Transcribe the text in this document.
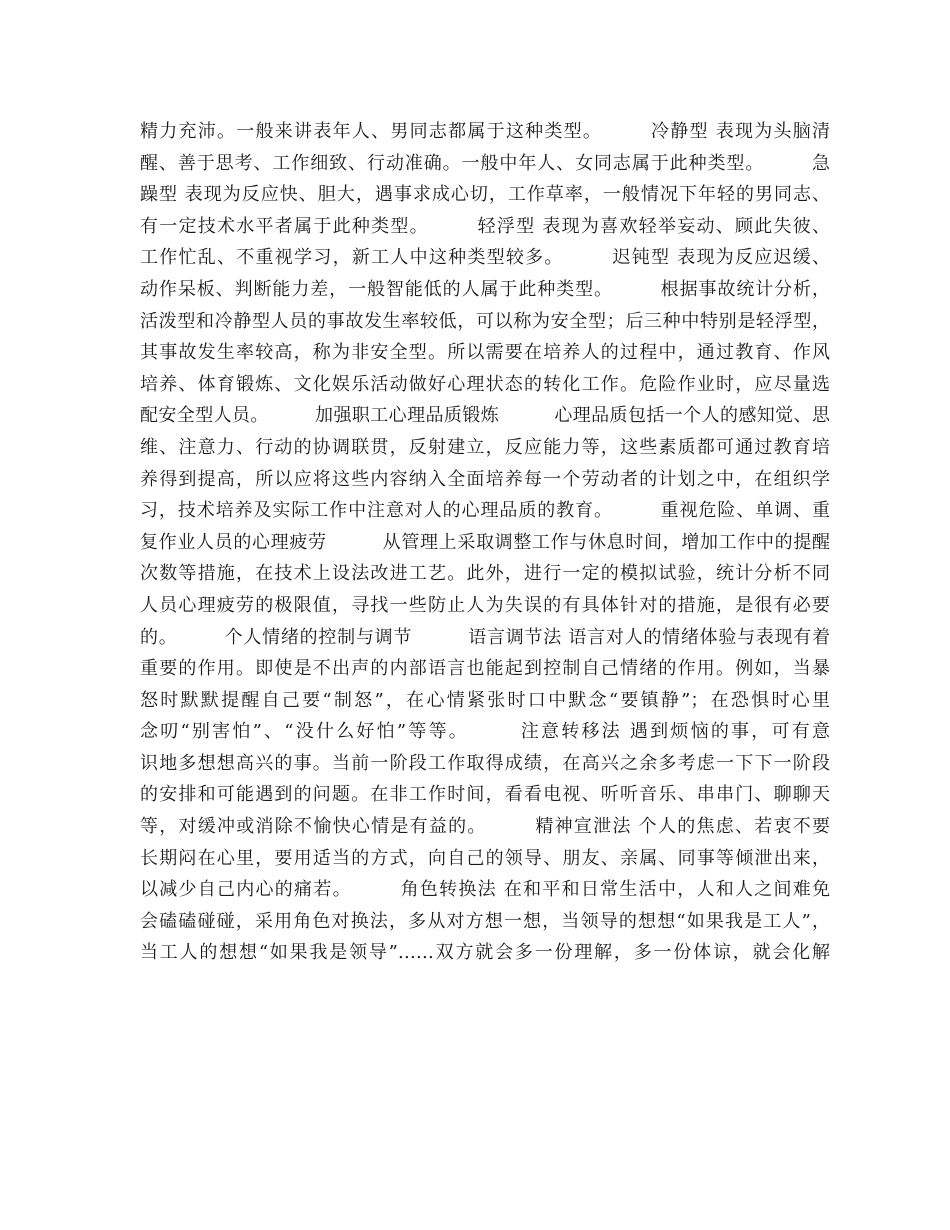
精力充沛。一般来讲表年人、男同志都属于这种类型。　　　冷静型 表现为头脑清
醒、善于思考、工作细致、行动准确。一般中年人、女同志属于此种类型。　　　急
躁型 表现为反应快、胆大，遇事求成心切，工作草率，一般情况下年轻的男同志、
有一定技术水平者属于此种类型。　　　轻浮型 表现为喜欢轻举妄动、顾此失彼、
工作忙乱、不重视学习，新工人中这种类型较多。　　　迟钝型 表现为反应迟缓、
动作呆板、判断能力差，一般智能低的人属于此种类型。　　　根据事故统计分析，
活泼型和冷静型人员的事故发生率较低，可以称为安全型；后三种中特别是轻浮型，
其事故发生率较高，称为非安全型。所以需要在培养人的过程中，通过教育、作风
培养、体育锻炼、文化娱乐活动做好心理状态的转化工作。危险作业时，应尽量选
配安全型人员。　　　加强职工心理品质锻炼　　　心理品质包括一个人的感知觉、思
维、注意力、行动的协调联贯，反射建立，反应能力等，这些素质都可通过教育培
养得到提高，所以应将这些内容纳入全面培养每一个劳动者的计划之中，在组织学
习，技术培养及实际工作中注意对人的心理品质的教育。　　　重视危险、单调、重
复作业人员的心理疲劳　　　从管理上采取调整工作与休息时间，增加工作中的提醒
次数等措施，在技术上设法改进工艺。此外，进行一定的模拟试验，统计分析不同
人员心理疲劳的极限值，寻找一些防止人为失误的有具体针对的措施，是很有必要
的。　　　个人情绪的控制与调节　　　语言调节法 语言对人的情绪体验与表现有着
重要的作用。即使是不出声的内部语言也能起到控制自己情绪的作用。例如，当暴
怒时默默提醒自己要“制怒”，在心情紧张时口中默念“要镇静”；在恐惧时心里
念叨“别害怕”、“没什么好怕”等等。　　　注意转移法 遇到烦恼的事，可有意
识地多想想高兴的事。当前一阶段工作取得成绩，在高兴之余多考虑一下下一阶段
的安排和可能遇到的问题。在非工作时间，看看电视、听听音乐、串串门、聊聊天
等，对缓冲或消除不愉快心情是有益的。　　　精神宣泄法 个人的焦虑、若衷不要
长期闷在心里，要用适当的方式，向自己的领导、朋友、亲属、同事等倾泄出来，
以减少自己内心的痛若。　　　角色转换法 在和平和日常生活中，人和人之间难免
会磕磕碰碰，采用角色对换法，多从对方想一想，当领导的想想“如果我是工人”，
当工人的想想“如果我是领导”……双方就会多一份理解，多一份体谅，就会化解
